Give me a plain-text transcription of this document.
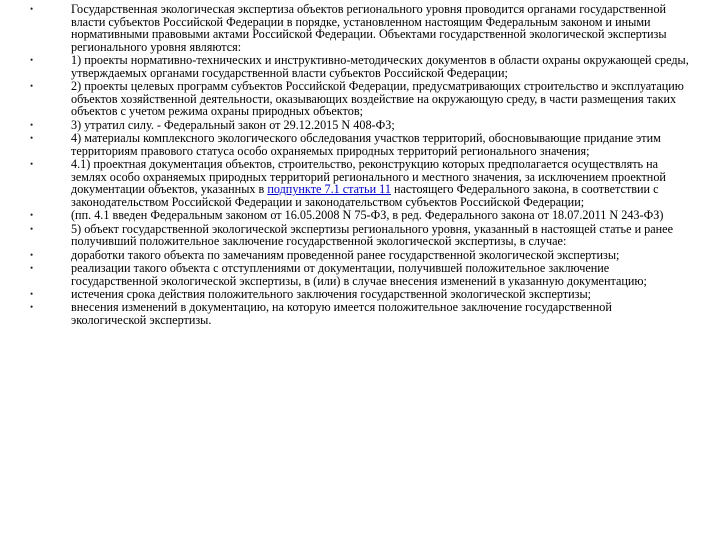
•	Государственная экологическая экспертиза объектов регионального уровня проводится органами государственной власти субъектов Российской Федерации в порядке, установленном настоящим Федеральным законом и иными нормативными правовыми актами Российской Федерации. Объектами государственной экологической экспертизы регионального уровня являются:
•	1) проекты нормативно-технических и инструктивно-методических документов в области охраны окружающей среды, утверждаемых органами государственной власти субъектов Российской Федерации;
•	2) проекты целевых программ субъектов Российской Федерации, предусматривающих строительство и эксплуатацию объектов хозяйственной деятельности, оказывающих воздействие на окружающую среду, в части размещения таких объектов с учетом режима охраны природных объектов;
•	3) утратил силу. - Федеральный закон от 29.12.2015 N 408-ФЗ;
•	4) материалы комплексного экологического обследования участков территорий, обосновывающие придание этим территориям правового статуса особо охраняемых природных территорий регионального значения;
•	4.1) проектная документация объектов, строительство, реконструкцию которых предполагается осуществлять на землях особо охраняемых природных территорий регионального и местного значения, за исключением проектной документации объектов, указанных в подпункте 7.1 статьи 11 настоящего Федерального закона, в соответствии с законодательством Российской Федерации и законодательством субъектов Российской Федерации;
•	(пп. 4.1 введен Федеральным законом от 16.05.2008 N 75-ФЗ, в ред. Федерального закона от 18.07.2011 N 243-ФЗ)
•	5) объект государственной экологической экспертизы регионального уровня, указанный в настоящей статье и ранее получивший положительное заключение государственной экологической экспертизы, в случае:
•	доработки такого объекта по замечаниям проведенной ранее государственной экологической экспертизы;
•	реализации такого объекта с отступлениями от документации, получившей положительное заключение государственной экологической экспертизы, в (или) в случае внесения изменений в указанную документацию;
•	истечения срока действия положительного заключения государственной экологической экспертизы;
•	внесения изменений в документацию, на которую имеется положительное заключение государственной экологической экспертизы.
